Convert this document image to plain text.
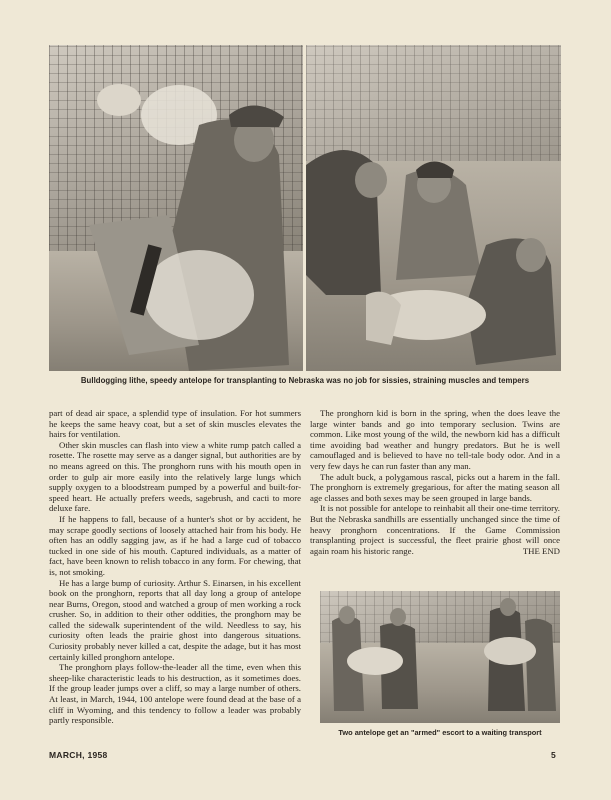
Bulldogging lithe, speedy antelope for transplanting to Nebraska was no job for sissies, straining muscles and tempers

part of dead air space, a splendid type of insulation. For hot summers he keeps the same heavy coat, but a set of skin muscles elevates the hairs for ventilation.

Other skin muscles can flash into view a white rump patch called a rosette. The rosette may serve as a danger signal, but authorities are by no means agreed on this. The pronghorn runs with his mouth open in order to gulp air more easily into the relatively large lungs which supply oxygen to a bloodstream pumped by a powerful and built-for-speed heart. He actually prefers weeds, sagebrush, and cacti to more deluxe fare.

If he happens to fall, because of a hunter's shot or by accident, he may scrape goodly sections of loosely attached hair from his body. He often has an oddly sagging jaw, as if he had a large cud of tobacco tucked in one side of his mouth. Captured individuals, as a matter of fact, have been known to relish tobacco in any form. For chewing, that is, not smoking.

He has a large bump of curiosity. Arthur S. Einarsen, in his excellent book on the pronghorn, reports that all day long a group of antelope near Burns, Oregon, stood and watched a group of men working a rock crusher. So, in addition to their other oddities, the pronghorn may be called the sidewalk superintendent of the wild. Needless to say, his curiosity often leads the prairie ghost into dangerous situations. Curiosity probably never killed a cat, despite the adage, but it has most certainly killed pronghorn antelope.

The pronghorn plays follow-the-leader all the time, even when this sheep-like characteristic leads to his destruction, as it sometimes does. If the group leader jumps over a cliff, so may a large number of others. At least, in March, 1944, 100 antelope were found dead at the base of a cliff in Wyoming, and this tendency to follow a leader was probably partly responsible.

The pronghorn kid is born in the spring, when the does leave the large winter bands and go into temporary seclusion. Twins are common. Like most young of the wild, the newborn kid has a difficult time avoiding bad weather and hungry predators. But he is well camouflaged and is believed to have no tell-tale body odor. And in a very few days he can run faster than any man.

The adult buck, a polygamous rascal, picks out a harem in the fall. The pronghorn is extremely gregarious, for after the mating season all age classes and both sexes may be seen grouped in large bands.

It is not possible for antelope to reinhabit all their one-time territory. But the Nebraska sandhills are essentially unchanged since the time of heavy pronghorn concentrations. If the Game Commission transplanting project is successful, the fleet prairie ghost will once again roam his historic range.	THE END

Two antelope get an "armed" escort to a waiting transport
MARCH, 1958	5
